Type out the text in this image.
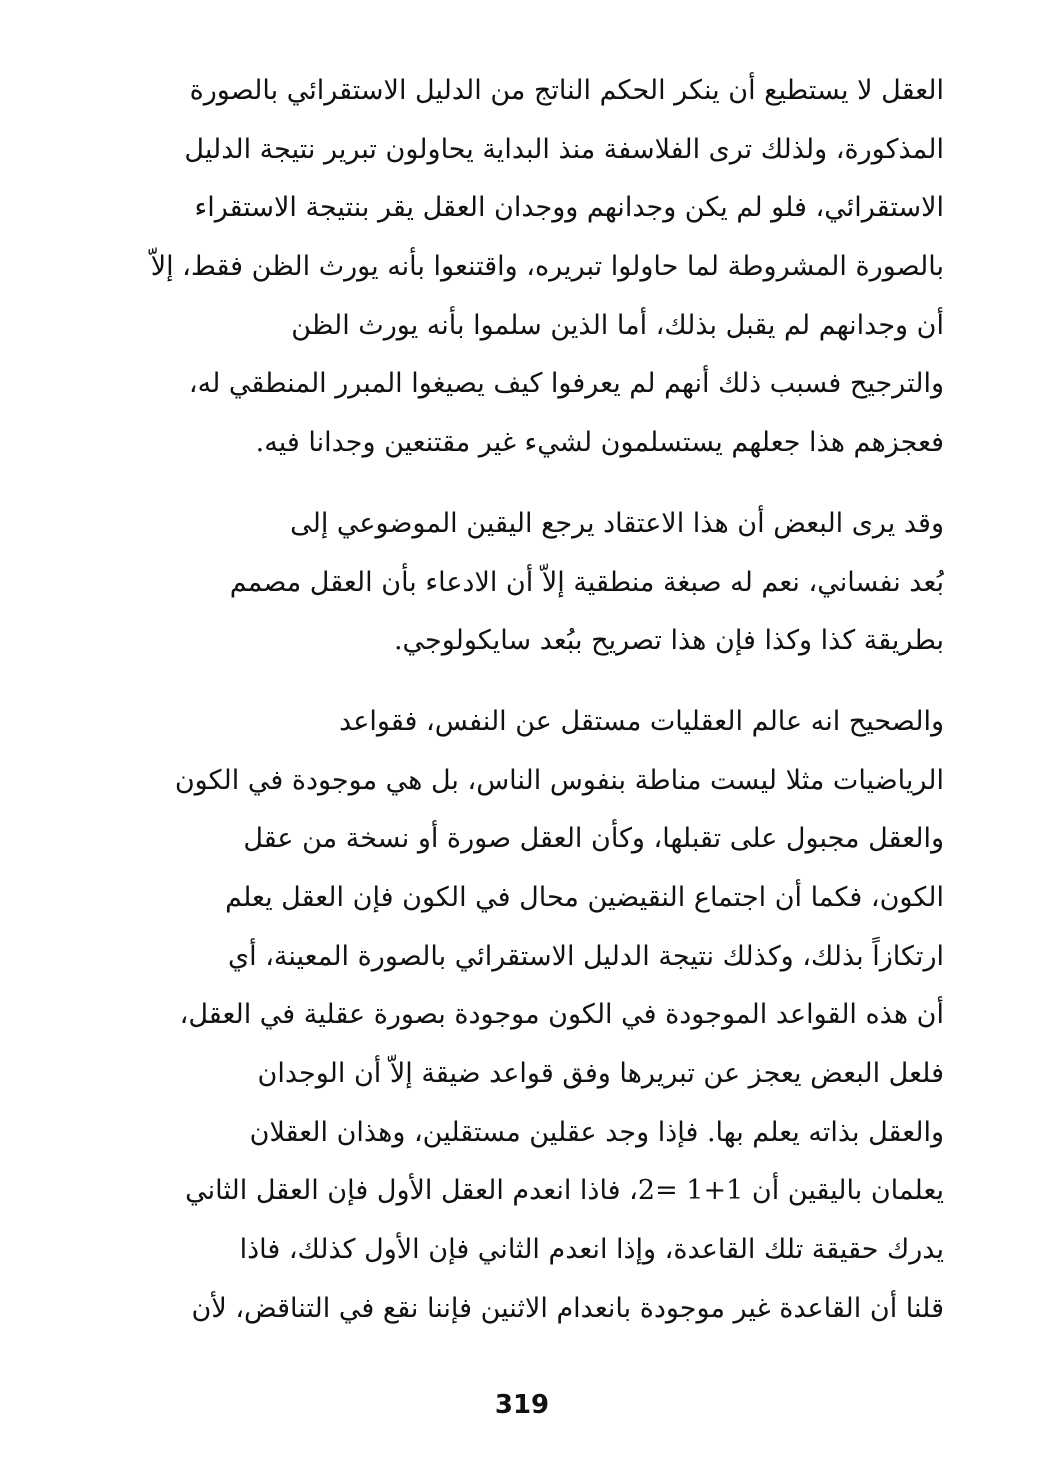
العقل لا يستطيع أن ينكر الحكم الناتج من الدليل الاستقرائي بالصورة
المذكورة، ولذلك ترى الفلاسفة منذ البداية يحاولون تبرير نتيجة الدليل
الاستقرائي، فلو لم يكن وجدانهم ووجدان العقل يقر بنتيجة الاستقراء
بالصورة المشروطة لما حاولوا تبريره، واقتنعوا بأنه يورث الظن فقط، إلاّ
أن وجدانهم لم يقبل بذلك، أما الذين سلموا بأنه يورث الظن
والترجيح فسبب ذلك أنهم لم يعرفوا كيف يصيغوا المبرر المنطقي له،
فعجزهم هذا جعلهم يستسلمون لشيء غير مقتنعين وجدانا فيه.
وقد يرى البعض أن هذا الاعتقاد يرجع اليقين الموضوعي إلى
بُعد نفساني، نعم له صبغة منطقية إلاّ أن الادعاء بأن العقل مصمم
بطريقة كذا وكذا فإن هذا تصريح ببُعد سايكولوجي.
والصحيح انه عالم العقليات مستقل عن النفس، فقواعد
الرياضيات مثلا ليست مناطة بنفوس الناس، بل هي موجودة في الكون
والعقل مجبول على تقبلها، وكأن العقل صورة أو نسخة من عقل
الكون، فكما أن اجتماع النقيضين محال في الكون فإن العقل يعلم
ارتكازاً بذلك، وكذلك نتيجة الدليل الاستقرائي بالصورة المعينة، أي
أن هذه القواعد الموجودة في الكون موجودة بصورة عقلية في العقل،
فلعل البعض يعجز عن تبريرها وفق قواعد ضيقة إلاّ أن الوجدان
والعقل بذاته يعلم بها. فإذا وجد عقلين مستقلين، وهذان العقلان
يعلمان باليقين أن 1+1 =2، فاذا انعدم العقل الأول فإن العقل الثاني
يدرك حقيقة تلك القاعدة، وإذا انعدم الثاني فإن الأول كذلك، فاذا
قلنا أن القاعدة غير موجودة بانعدام الاثنين فإننا نقع في التناقض، لأن
319
